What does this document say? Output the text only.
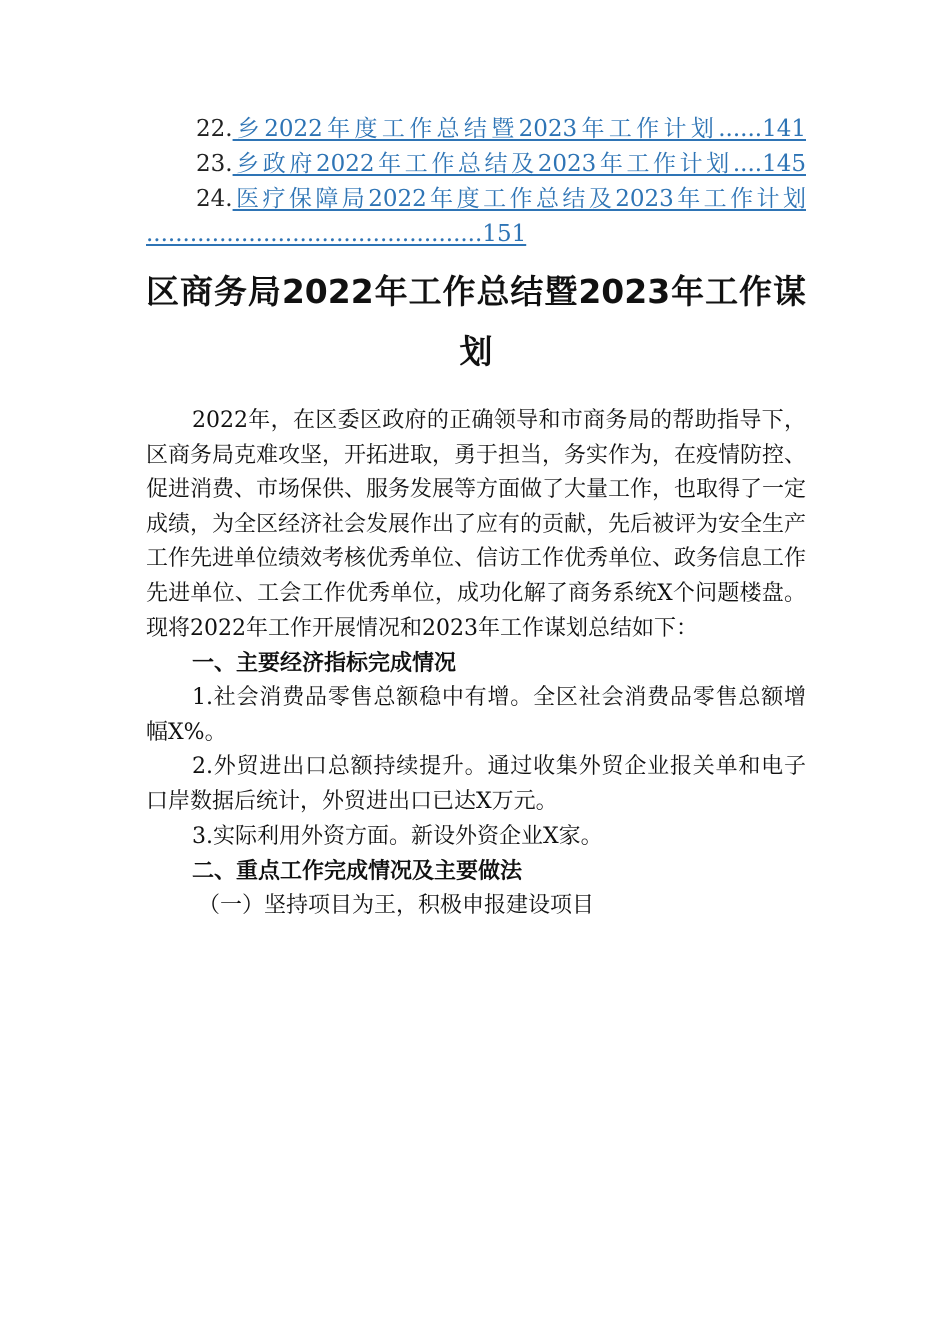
22.乡2022年度工作总结暨2023年工作计划......141
23.乡政府2022年工作总结及2023年工作计划....145
24.医疗保障局2022年度工作总结及2023年工作计划
..............................................151
区商务局2022年工作总结暨2023年工作谋划

2022年，在区委区政府的正确领导和市商务局的帮助指导下，区商务局克难攻坚，开拓进取，勇于担当，务实作为，在疫情防控、促进消费、市场保供、服务发展等方面做了大量工作，也取得了一定成绩，为全区经济社会发展作出了应有的贡献，先后被评为安全生产工作先进单位绩效考核优秀单位、信访工作优秀单位、政务信息工作先进单位、工会工作优秀单位，成功化解了商务系统X个问题楼盘。现将2022年工作开展情况和2023年工作谋划总结如下：

一、主要经济指标完成情况

1.社会消费品零售总额稳中有增。全区社会消费品零售总额增幅X%。

2.外贸进出口总额持续提升。通过收集外贸企业报关单和电子口岸数据后统计，外贸进出口已达X万元。

3.实际利用外资方面。新设外资企业X家。

二、重点工作完成情况及主要做法

（一）坚持项目为王，积极申报建设项目
